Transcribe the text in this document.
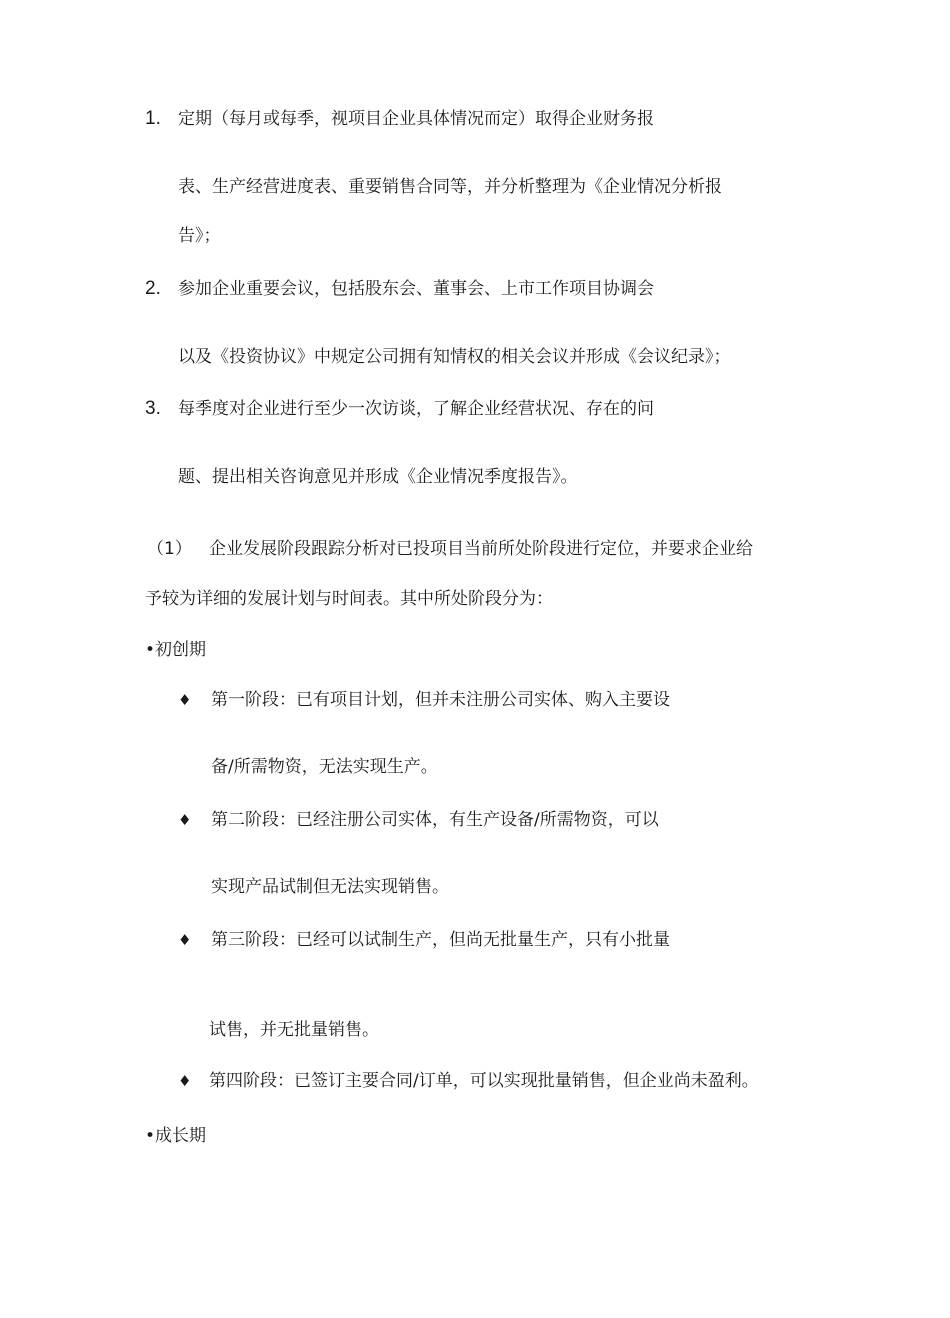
1. 定期（每月或每季，视项目企业具体情况而定）取得企业财务报
表、生产经营进度表、重要销售合同等，并分析整理为《企业情况分析报
告》；
2. 参加企业重要会议，包括股东会、董事会、上市工作项目协调会
以及《投资协议》中规定公司拥有知情权的相关会议并形成《会议纪录》；
3. 每季度对企业进行至少一次访谈，了解企业经营状况、存在的问
题、提出相关咨询意见并形成《企业情况季度报告》。
（1） 企业发展阶段跟踪分析对已投项目当前所处阶段进行定位，并要求企业给
予较为详细的发展计划与时间表。其中所处阶段分为：
•初创期
♦ 第一阶段：已有项目计划，但并未注册公司实体、购入主要设
备/所需物资，无法实现生产。
♦ 第二阶段：已经注册公司实体，有生产设备/所需物资，可以
实现产品试制但无法实现销售。
♦ 第三阶段：已经可以试制生产，但尚无批量生产，只有小批量
试售，并无批量销售。
♦ 第四阶段：已签订主要合同/订单，可以实现批量销售，但企业尚未盈利。
•成长期
